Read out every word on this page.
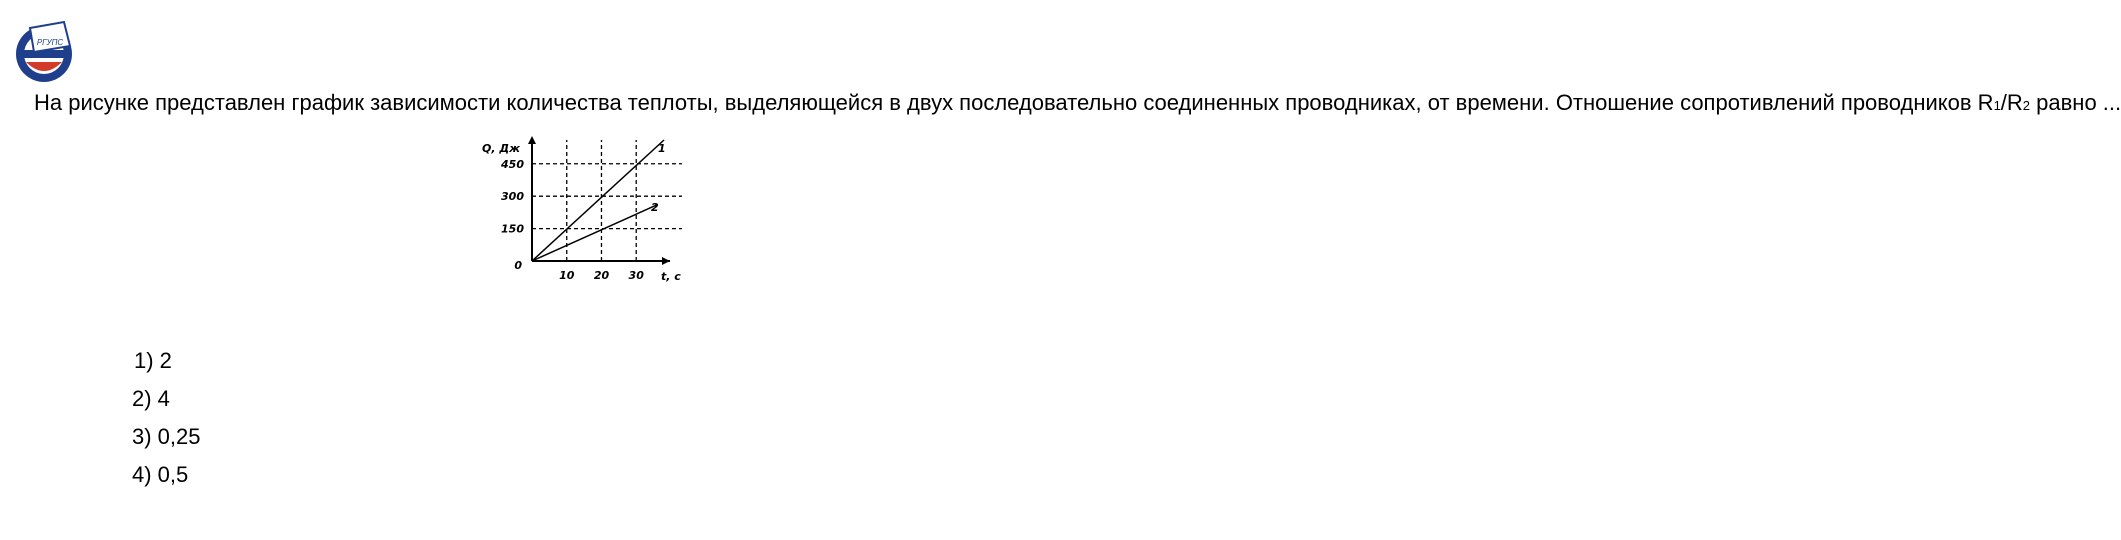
РГУПС
На рисунке представлен график зависимости количества теплоты, выделяющейся в двух последовательно соединенных проводниках, от времени. Отношение сопротивлений проводников R1/R2 равно ...
10 20 30
150
300
450
1
2
0
Q, Дж
t, c
1) 2
2) 4
3) 0,25
4) 0,5
